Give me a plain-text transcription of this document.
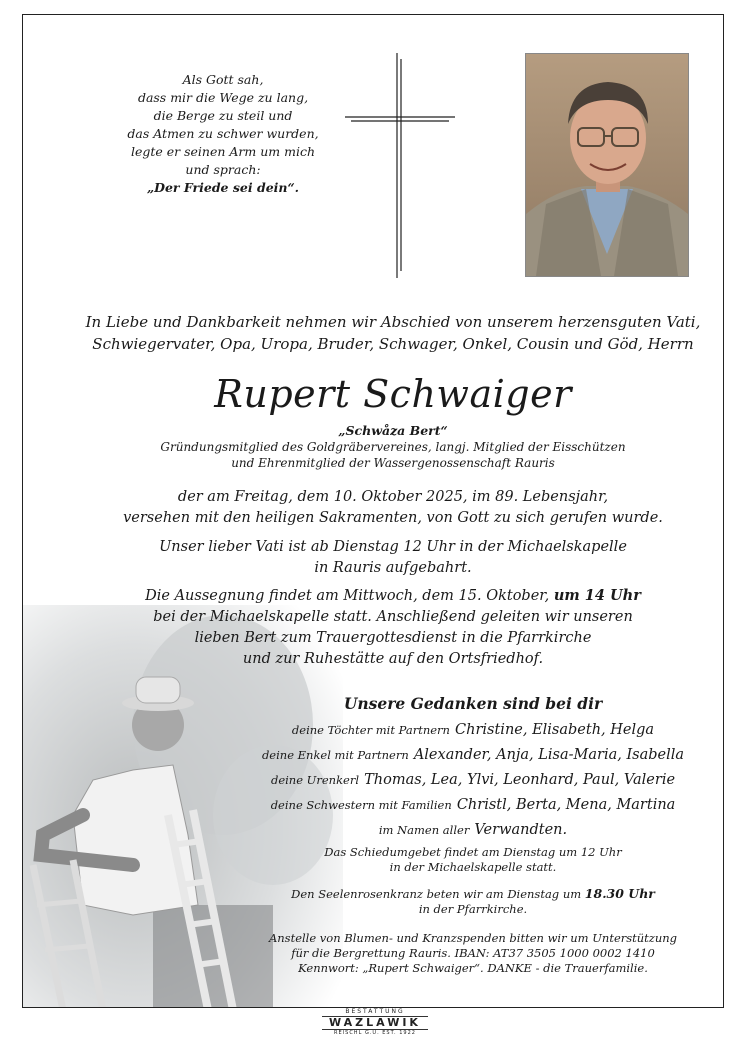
Als Gott sah,
dass mir die Wege zu lang,
die Berge zu steil und
das Atmen zu schwer wurden,
legte er seinen Arm um mich
und sprach:
„Der Friede sei dein“.
In Liebe und Dankbarkeit nehmen wir Abschied von unserem herzensguten Vati,
Schwiegervater, Opa, Uropa, Bruder, Schwager, Onkel, Cousin und Göd, Herrn
Rupert Schwaiger
„Schwåza Bert“
Gründungsmitglied des Goldgräbervereines, langj. Mitglied der Eisschützen
und Ehrenmitglied der Wassergenossenschaft Rauris
der am Freitag, dem 10. Oktober 2025, im 89. Lebensjahr,
versehen mit den heiligen Sakramenten, von Gott zu sich gerufen wurde.
Unser lieber Vati ist ab Dienstag 12 Uhr in der Michaelskapelle
in Rauris aufgebahrt.
Die Aussegnung findet am Mittwoch, dem 15. Oktober, um 14 Uhr
bei der Michaelskapelle statt. Anschließend geleiten wir unseren
lieben Bert zum Trauergottesdienst in die Pfarrkirche
und zur Ruhestätte auf den Ortsfriedhof.
Unsere Gedanken sind bei dir
deine Töchter mit Partnern Christine, Elisabeth, Helga
deine Enkel mit Partnern Alexander, Anja, Lisa-Maria, Isabella
deine Urenkerl Thomas, Lea, Ylvi, Leonhard, Paul, Valerie
deine Schwestern mit Familien Christl, Berta, Mena, Martina
im Namen aller Verwandten.
Das Schiedumgebet findet am Dienstag um 12 Uhr
in der Michaelskapelle statt.
Den Seelenrosenkranz beten wir am Dienstag um 18.30 Uhr
in der Pfarrkirche.
Anstelle von Blumen- und Kranzspenden bitten wir um Unterstützung
für die Bergrettung Rauris. IBAN: AT37 3505 1000 0002 1410
Kennwort: „Rupert Schwaiger“. DANKE - die Trauerfamilie.
BESTATTUNG
WAZLAWIK
REISCHL G.U. EST. 1922
